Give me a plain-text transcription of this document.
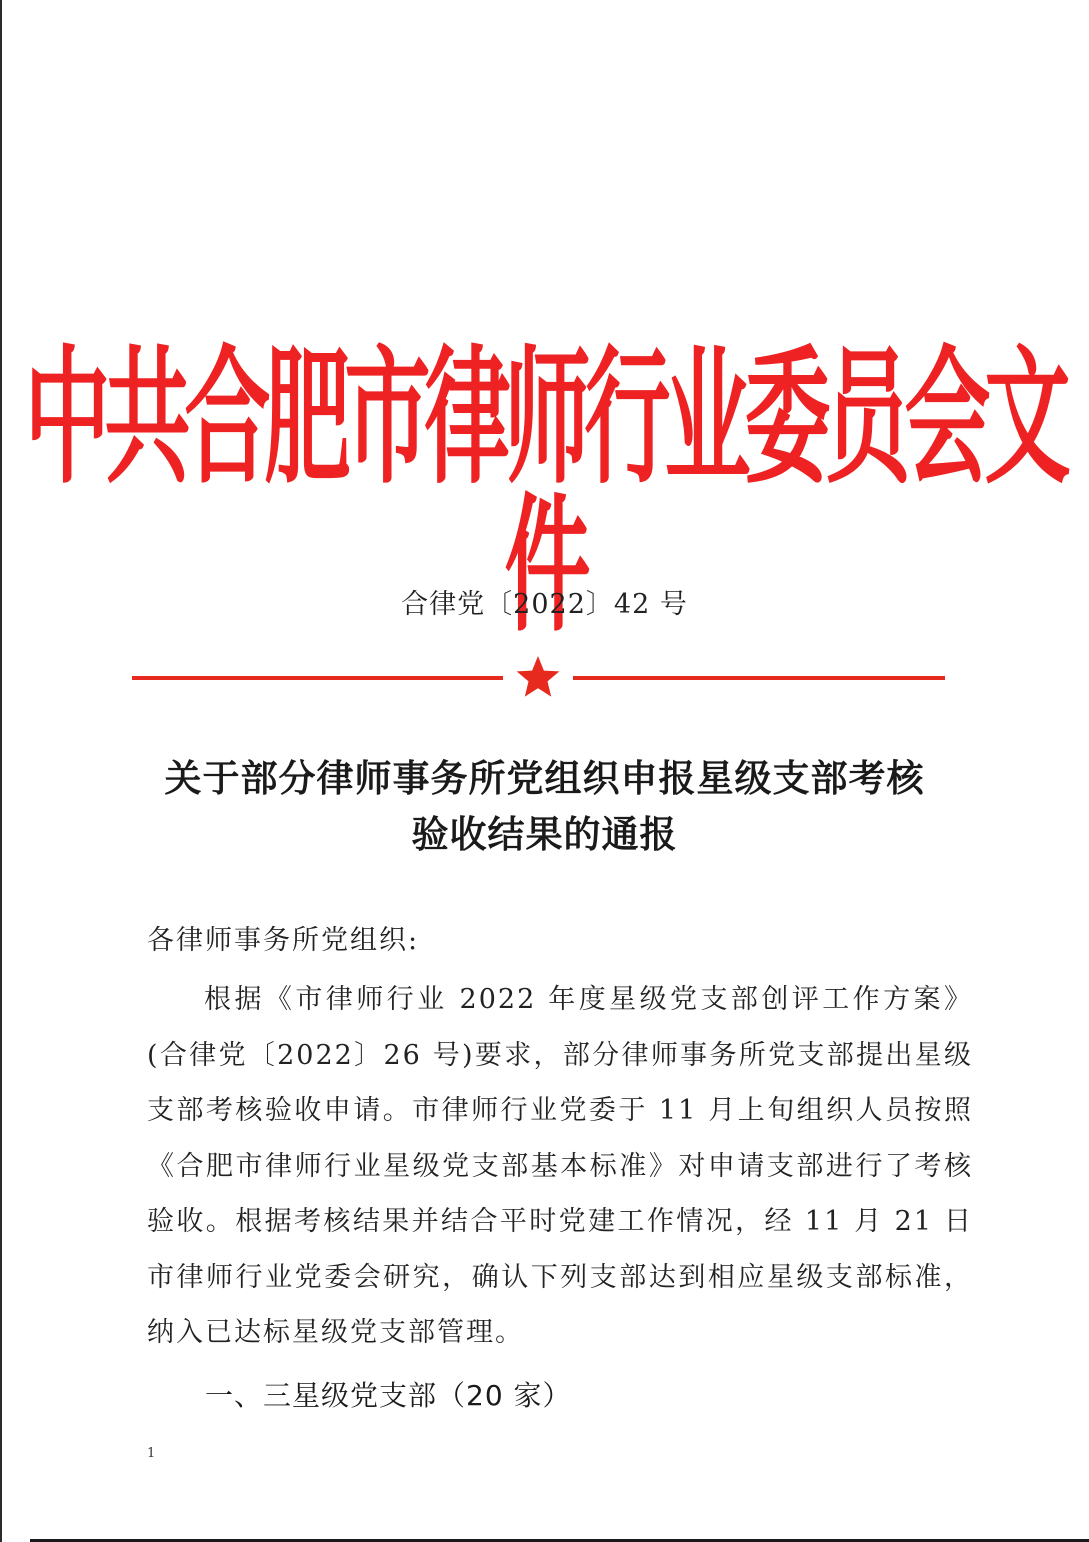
中共合肥市律师行业委员会文件
合律党〔2022〕42 号
关于部分律师事务所党组织申报星级支部考核
验收结果的通报
各律师事务所党组织:
根据《市律师行业 2022 年度星级党支部创评工作方案》(合律党〔2022〕26 号)要求，部分律师事务所党支部提出星级支部考核验收申请。市律师行业党委于 11 月上旬组织人员按照《合肥市律师行业星级党支部基本标准》对申请支部进行了考核验收。根据考核结果并结合平时党建工作情况，经 11 月 21 日市律师行业党委会研究，确认下列支部达到相应星级支部标准，纳入已达标星级党支部管理。
一、三星级党支部（20 家）
1
